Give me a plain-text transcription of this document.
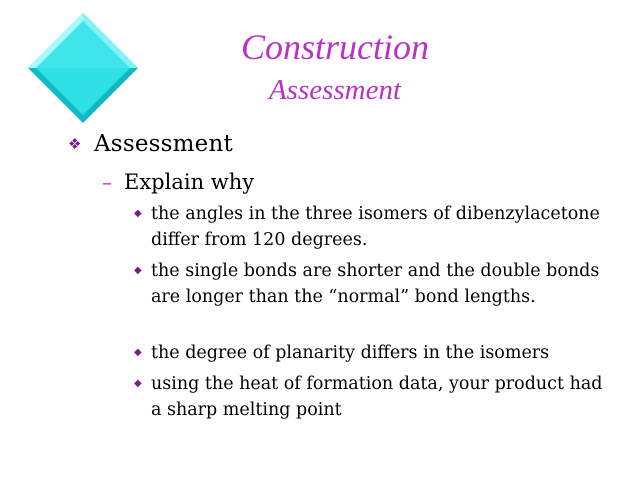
Construction
Assessment
❖ Assessment
– Explain why
◆ the angles in the three isomers of dibenzylacetone differ from 120 degrees.
◆ the single bonds are shorter and the double bonds are longer than the “normal” bond lengths.
◆ the degree of planarity differs in the isomers
◆ using the heat of formation data, your product had a sharp melting point
